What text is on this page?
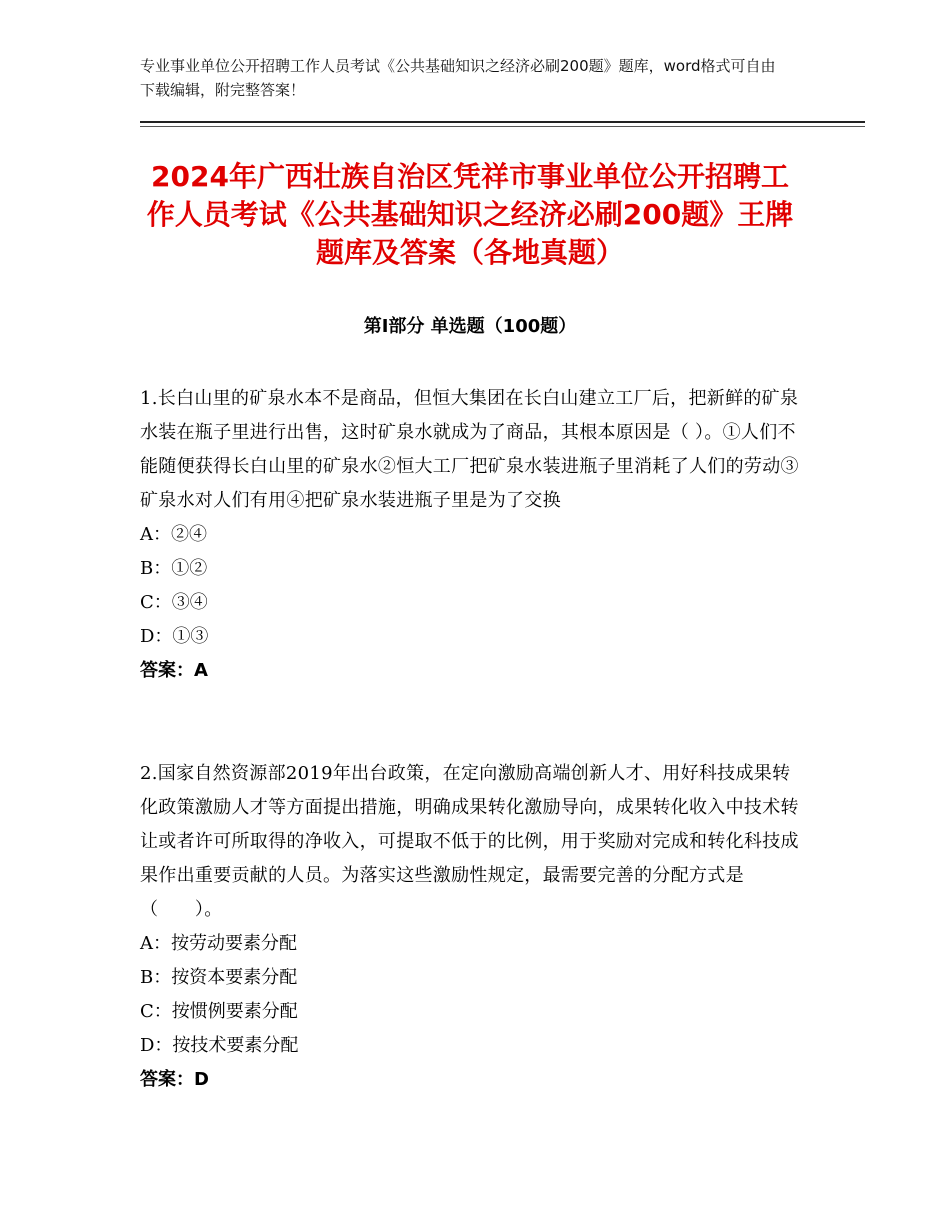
专业事业单位公开招聘工作人员考试《公共基础知识之经济必刷200题》题库，word格式可自由下载编辑，附完整答案！
2024年广西壮族自治区凭祥市事业单位公开招聘工作人员考试《公共基础知识之经济必刷200题》王牌题库及答案（各地真题）
第Ⅰ部分 单选题（100题）

1.长白山里的矿泉水本不是商品，但恒大集团在长白山建立工厂后，把新鲜的矿泉水装在瓶子里进行出售，这时矿泉水就成为了商品，其根本原因是（ ）。①人们不能随便获得长白山里的矿泉水②恒大工厂把矿泉水装进瓶子里消耗了人们的劳动③矿泉水对人们有用④把矿泉水装进瓶子里是为了交换

A：②④

B：①②

C：③④

D：①③

答案：A

2.国家自然资源部2019年出台政策，在定向激励高端创新人才、用好科技成果转化政策激励人才等方面提出措施，明确成果转化激励导向，成果转化收入中技术转让或者许可所取得的净收入，可提取不低于的比例，用于奖励对完成和转化科技成果作出重要贡献的人员。为落实这些激励性规定，最需要完善的分配方式是（　　）。

A：按劳动要素分配

B：按资本要素分配

C：按惯例要素分配

D：按技术要素分配

答案：D
